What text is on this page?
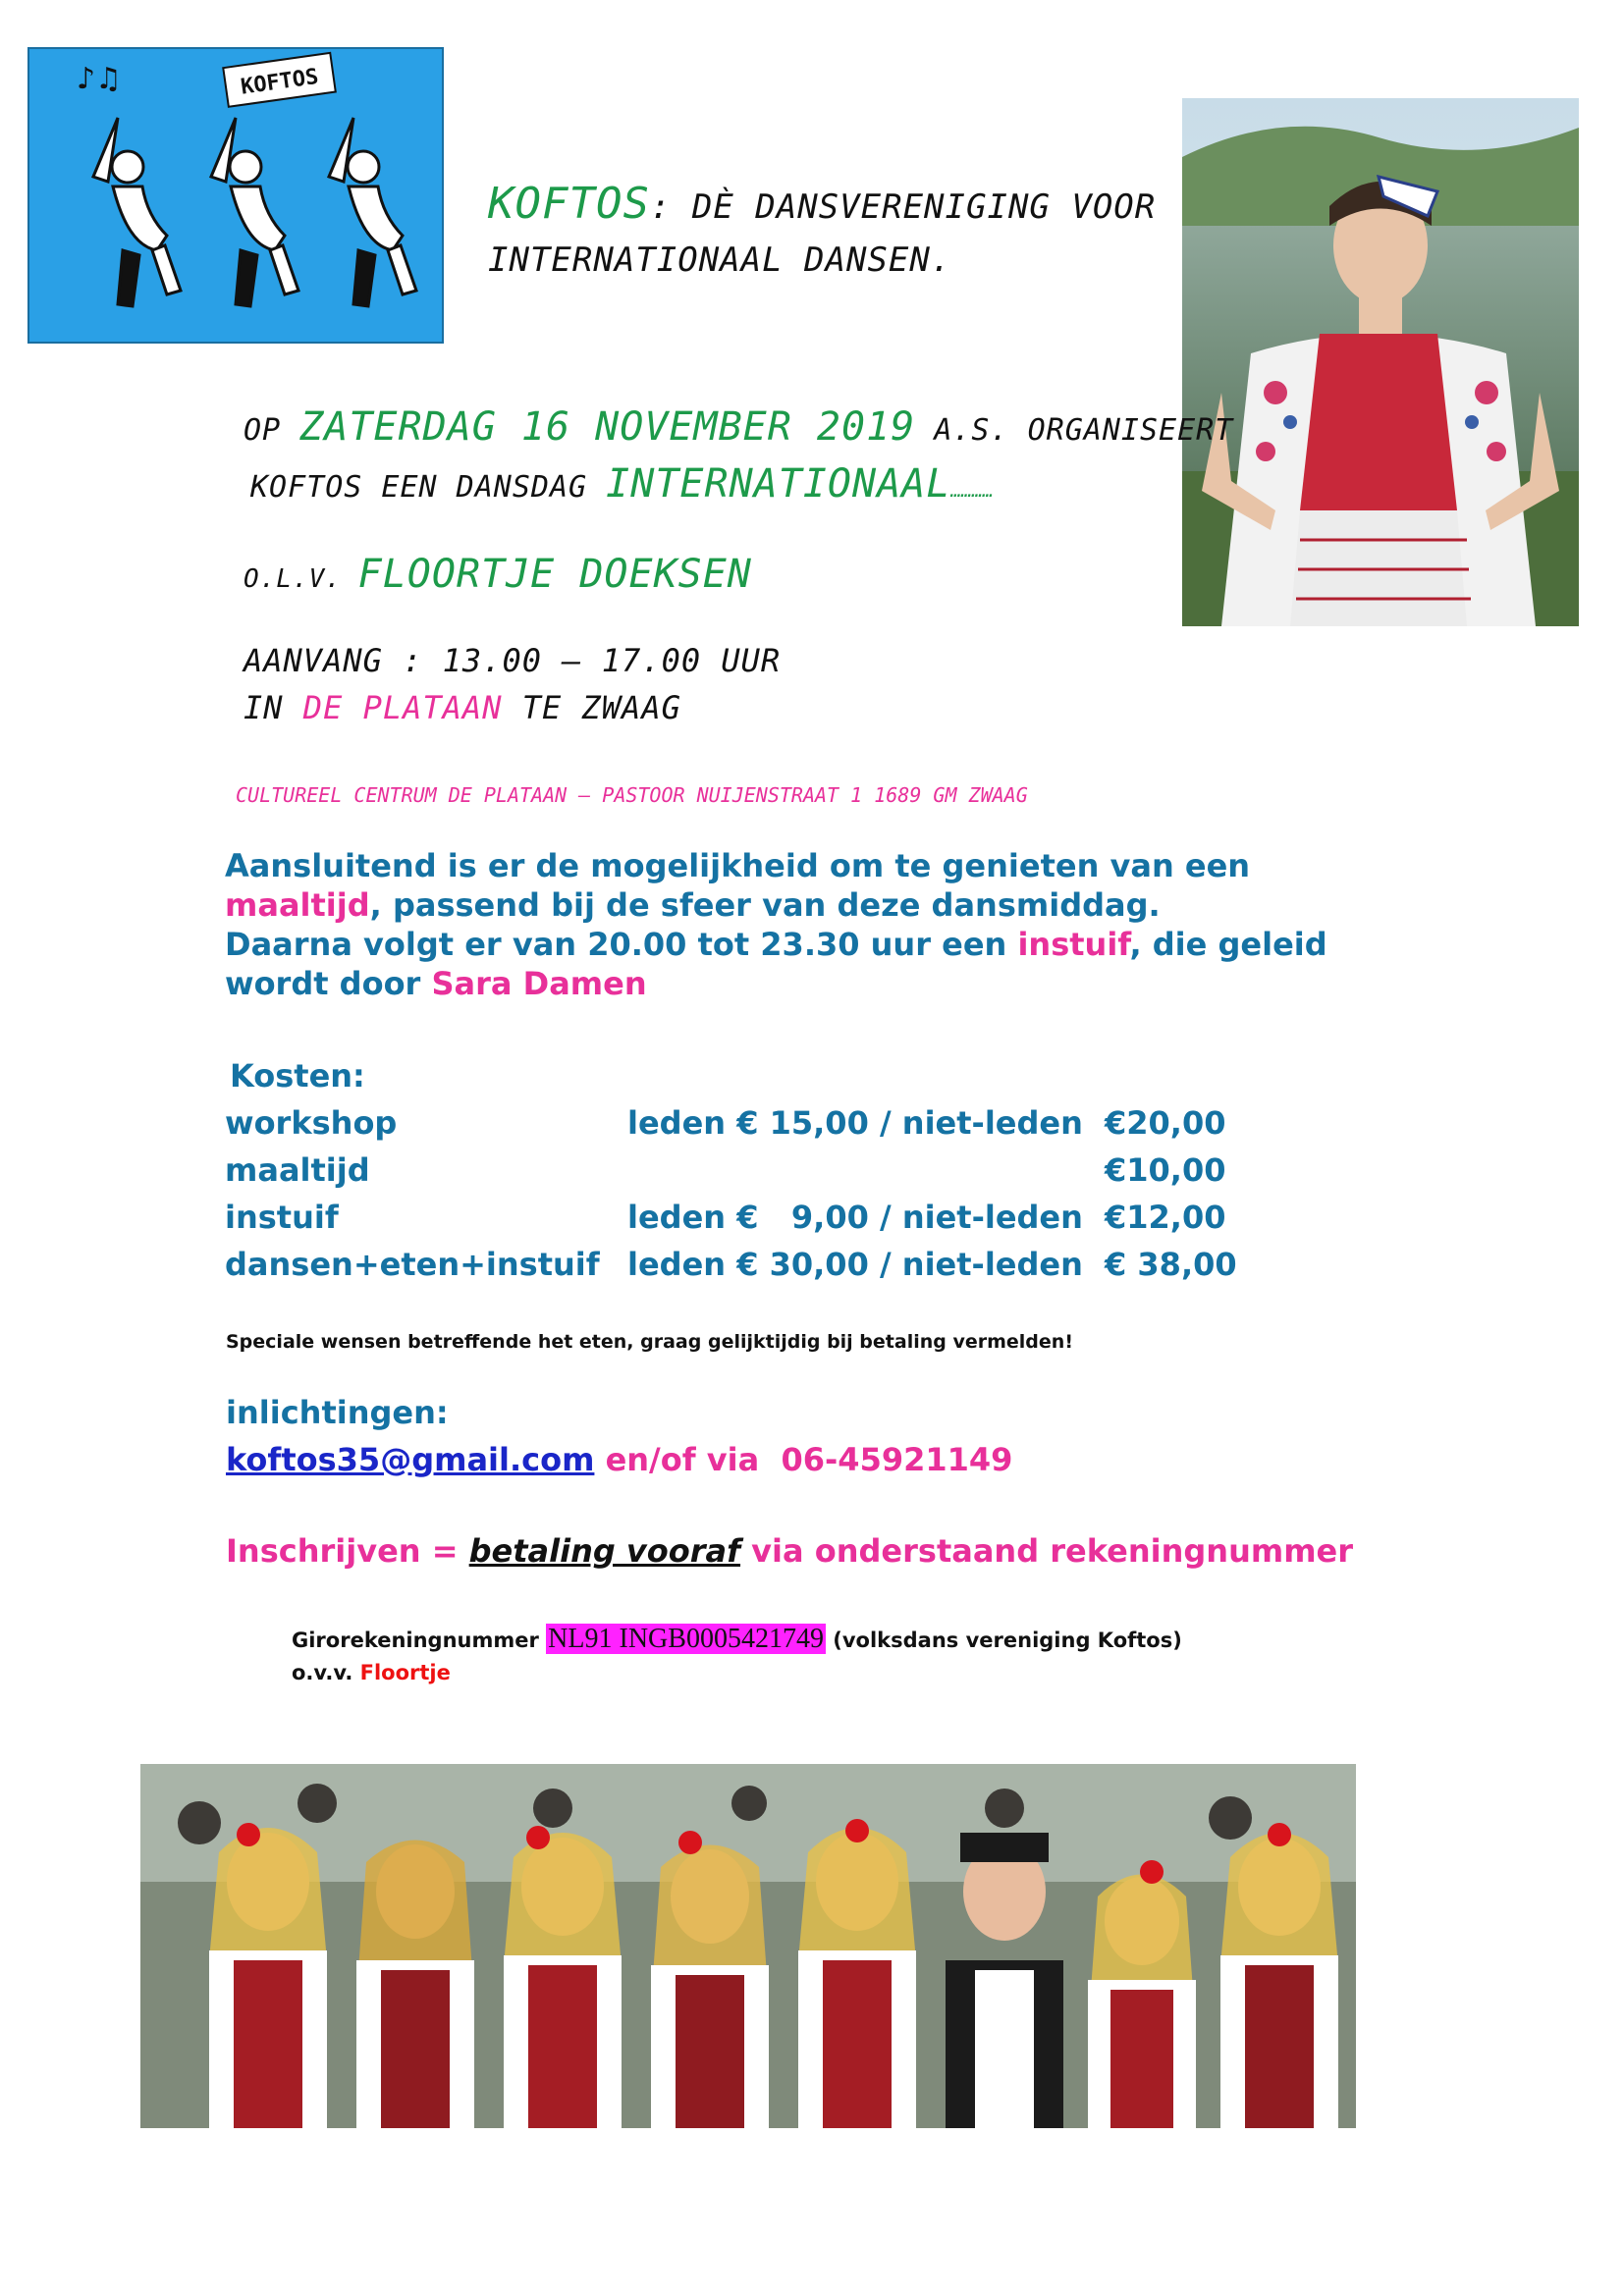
♪♫	KOFTOS
KOFTOS: DÈ DANSVERENIGING VOOR
INTERNATIONAAL DANSEN.
OP ZATERDAG 16 NOVEMBER 2019 A.S. ORGANISEERT
KOFTOS EEN DANSDAG INTERNATIONAAL…………
O.L.V. FLOORTJE DOEKSEN
AANVANG : 13.00 – 17.00 UUR
IN DE PLATAAN TE ZWAAG
CULTUREEL CENTRUM DE PLATAAN – PASTOOR NUIJENSTRAAT 1 1689 GM ZWAAG

Aansluitend is er de mogelijkheid om te genieten van een

maaltijd, passend bij de sfeer van deze dansmiddag.

Daarna volgt er van 20.00 tot 23.30 uur een instuif, die geleid

wordt door Sara Damen

Kosten:
workshop	leden € 15,00 / niet-leden	€20,00
maaltijd		€10,00
instuif	leden €   9,00 / niet-leden	€12,00
dansen+eten+instuif	leden € 30,00 / niet-leden	€ 38,00
Speciale wensen betreffende het eten, graag gelijktijdig bij betaling vermelden!
inlichtingen:
koftos35@gmail.com en/of via  06-45921149
Inschrijven = betaling vooraf via onderstaand rekeningnummer
Girorekeningnummer NL91 INGB0005421749 (volksdans vereniging Koftos)
o.v.v. Floortje
